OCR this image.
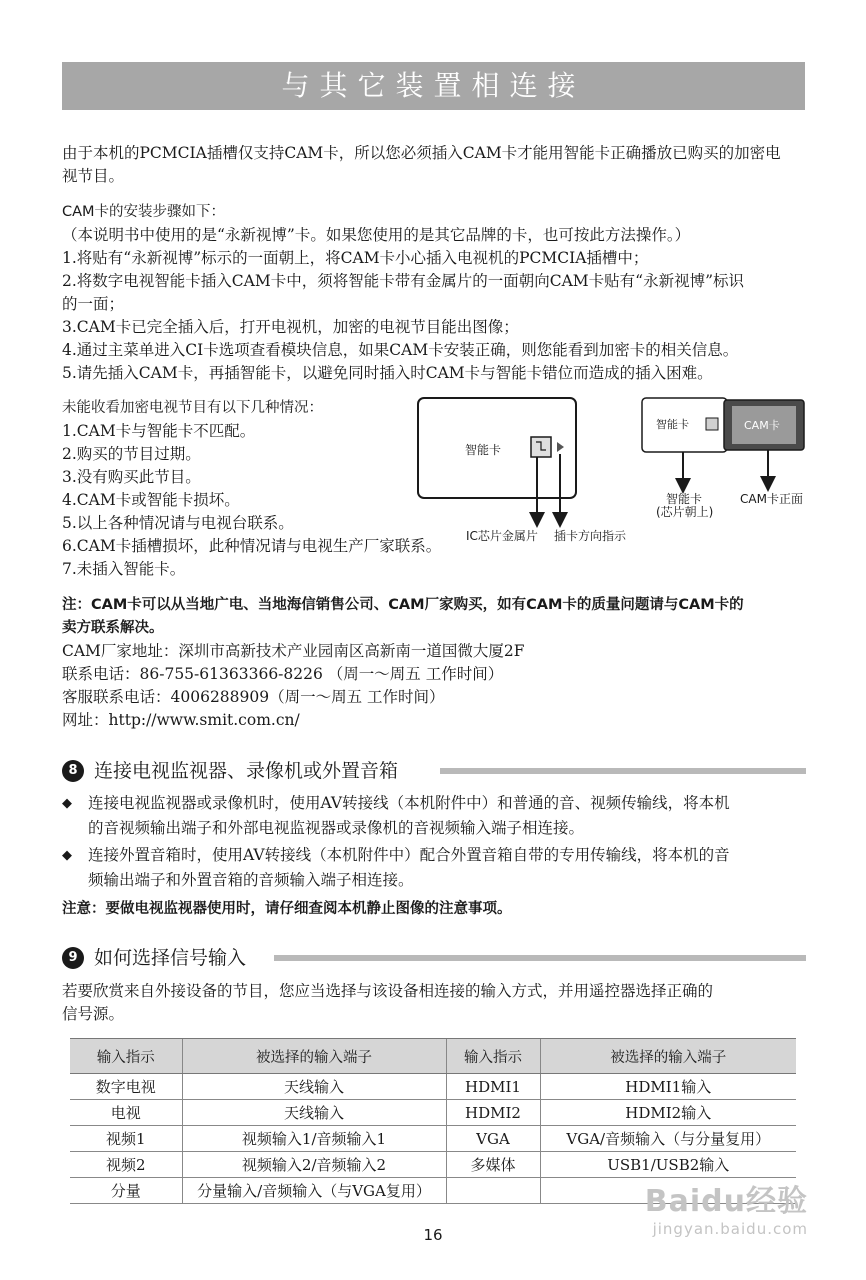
与其它装置相连接
由于本机的PCMCIA插槽仅支持CAM卡，所以您必须插入CAM卡才能用智能卡正确播放已购买的加密电
视节目。
CAM卡的安装步骤如下：
（本说明书中使用的是“永新视博”卡。如果您使用的是其它品牌的卡，也可按此方法操作。）
1.将贴有“永新视博”标示的一面朝上，将CAM卡小心插入电视机的PCMCIA插槽中；
2.将数字电视智能卡插入CAM卡中，须将智能卡带有金属片的一面朝向CAM卡贴有“永新视博”标识
的一面；
3.CAM卡已完全插入后，打开电视机，加密的电视节目能出图像；
4.通过主菜单进入CI卡选项查看模块信息，如果CAM卡安装正确，则您能看到加密卡的相关信息。
5.请先插入CAM卡，再插智能卡，以避免同时插入时CAM卡与智能卡错位而造成的插入困难。
未能收看加密电视节目有以下几种情况：
1.CAM卡与智能卡不匹配。
2.购买的节目过期。
3.没有购买此节目。
4.CAM卡或智能卡损坏。
5.以上各种情况请与电视台联系。
6.CAM卡插槽损坏，此种情况请与电视生产厂家联系。
7.未插入智能卡。
智能卡
IC芯片金属片 插卡方向指示
智能卡	CAM卡
智能卡
(芯片朝上)
CAM卡正面
注：CAM卡可以从当地广电、当地海信销售公司、CAM厂家购买，如有CAM卡的质量问题请与CAM卡的
卖方联系解决。
CAM厂家地址：深圳市高新技术产业园南区高新南一道国微大厦2F
联系电话：86-755-61363366-8226 （周一～周五 工作时间）
客服联系电话：4006288909（周一～周五 工作时间）
网址：http://www.smit.com.cn/
8 连接电视监视器、录像机或外置音箱
◆ 连接电视监视器或录像机时，使用AV转接线（本机附件中）和普通的音、视频传输线，将本机
的音视频输出端子和外部电视监视器或录像机的音视频输入端子相连接。
◆ 连接外置音箱时，使用AV转接线（本机附件中）配合外置音箱自带的专用传输线，将本机的音
频输出端子和外置音箱的音频输入端子相连接。
注意：要做电视监视器使用时，请仔细查阅本机静止图像的注意事项。
9 如何选择信号输入
若要欣赏来自外接设备的节目，您应当选择与该设备相连接的输入方式，并用遥控器选择正确的
信号源。
输入指示	被选择的输入端子	输入指示	被选择的输入端子
数字电视	天线输入	HDMI1	HDMI1输入
电视	天线输入	HDMI2	HDMI2输入
视频1	视频输入1/音频输入1	VGA	VGA/音频输入（与分量复用）
视频2	视频输入2/音频输入2	多媒体	USB1/USB2输入
分量	分量输入/音频输入（与VGA复用）			Baidu经验
jingyan.baidu.com
16
